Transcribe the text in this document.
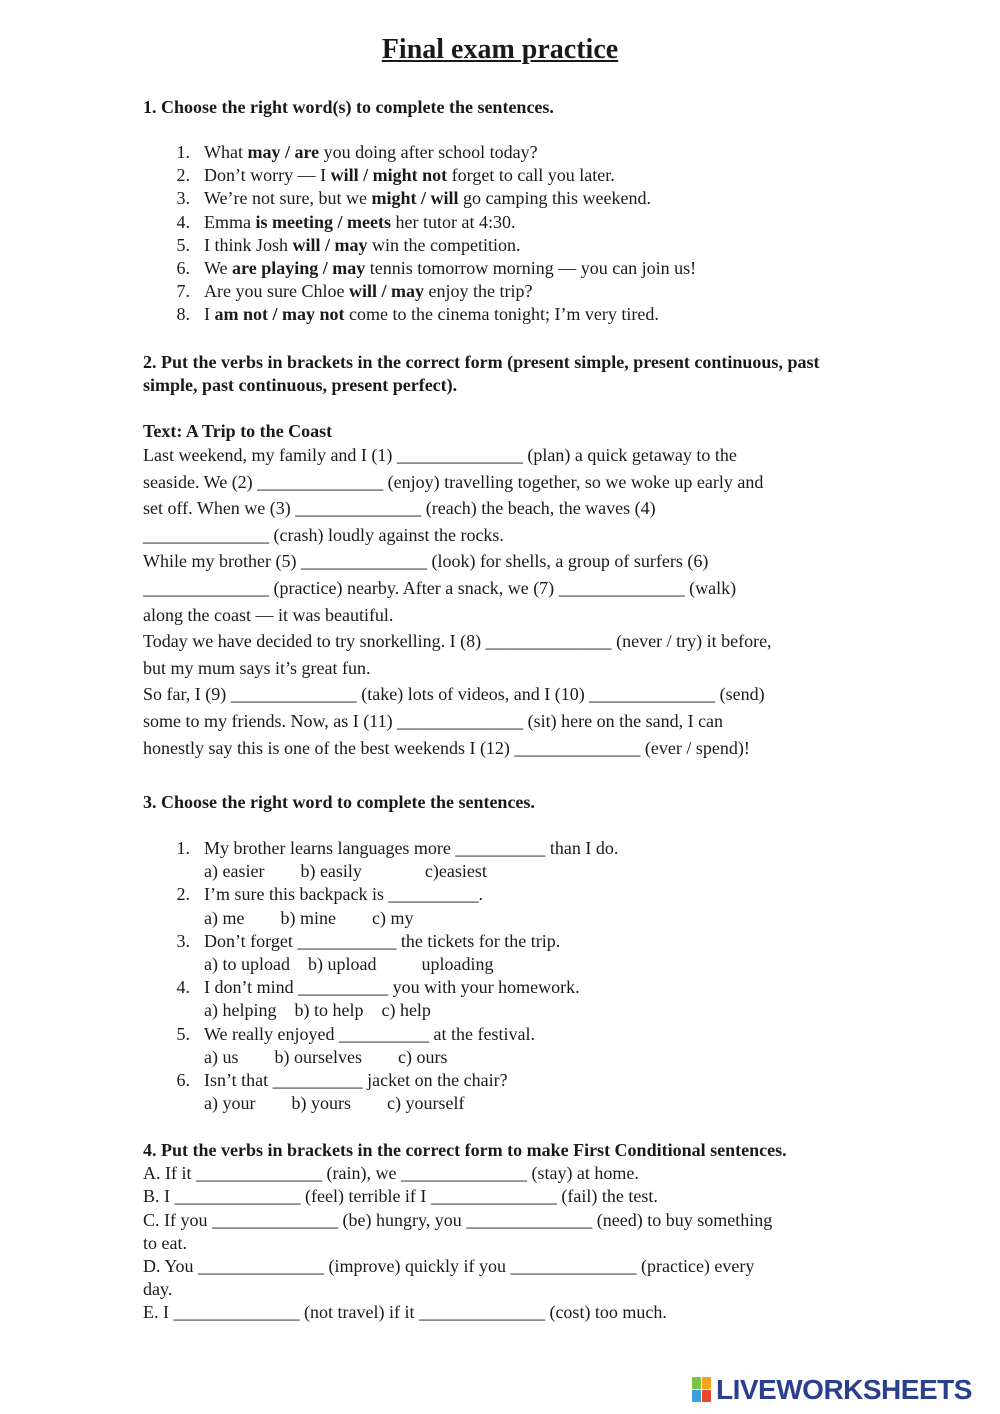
Final exam practice

1. Choose the right word(s) to complete the sentences.

1. What may / are you doing after school today?
2. Don’t worry — I will / might not forget to call you later.
3. We’re not sure, but we might / will go camping this weekend.
4. Emma is meeting / meets her tutor at 4:30.
5. I think Josh will / may win the competition.
6. We are playing / may tennis tomorrow morning — you can join us!
7. Are you sure Chloe will / may enjoy the trip?
8. I am not / may not come to the cinema tonight; I’m very tired.

2. Put the verbs in brackets in the correct form (present simple, present continuous, past simple, past continuous, present perfect).

Text: A Trip to the Coast

Last weekend, my family and I (1) ______________ (plan) a quick getaway to the

seaside. We (2) ______________ (enjoy) travelling together, so we woke up early and

set off. When we (3) ______________ (reach) the beach, the waves (4)

______________ (crash) loudly against the rocks.

While my brother (5) ______________ (look) for shells, a group of surfers (6)

______________ (practice) nearby. After a snack, we (7) ______________ (walk)

along the coast — it was beautiful.

Today we have decided to try snorkelling. I (8) ______________ (never / try) it before,

but my mum says it’s great fun.

So far, I (9) ______________ (take) lots of videos, and I (10) ______________ (send)

some to my friends. Now, as I (11) ______________ (sit) here on the sand, I can

honestly say this is one of the best weekends I (12) ______________ (ever / spend)!

3. Choose the right word to complete the sentences.

1. My brother learns languages more __________ than I do.
a) easier        b) easily              c)easiest
2. I’m sure this backpack is __________.
a) me        b) mine        c) my
3. Don’t forget ___________ the tickets for the trip.
a) to upload    b) upload          uploading
4. I don’t mind __________ you with your homework.
a) helping    b) to help    c) help
5. We really enjoyed __________ at the festival.
a) us        b) ourselves        c) ours
6. Isn’t that __________ jacket on the chair?
a) your        b) yours        c) yourself

4. Put the verbs in brackets in the correct form to make First Conditional sentences.

A. If it ______________ (rain), we ______________ (stay) at home.

B. I ______________ (feel) terrible if I ______________ (fail) the test.

C. If you ______________ (be) hungry, you ______________ (need) to buy something

to eat.

D. You ______________ (improve) quickly if you ______________ (practice) every

day.

E. I ______________ (not travel) if it ______________ (cost) too much.

LIVEWORKSHEETS
